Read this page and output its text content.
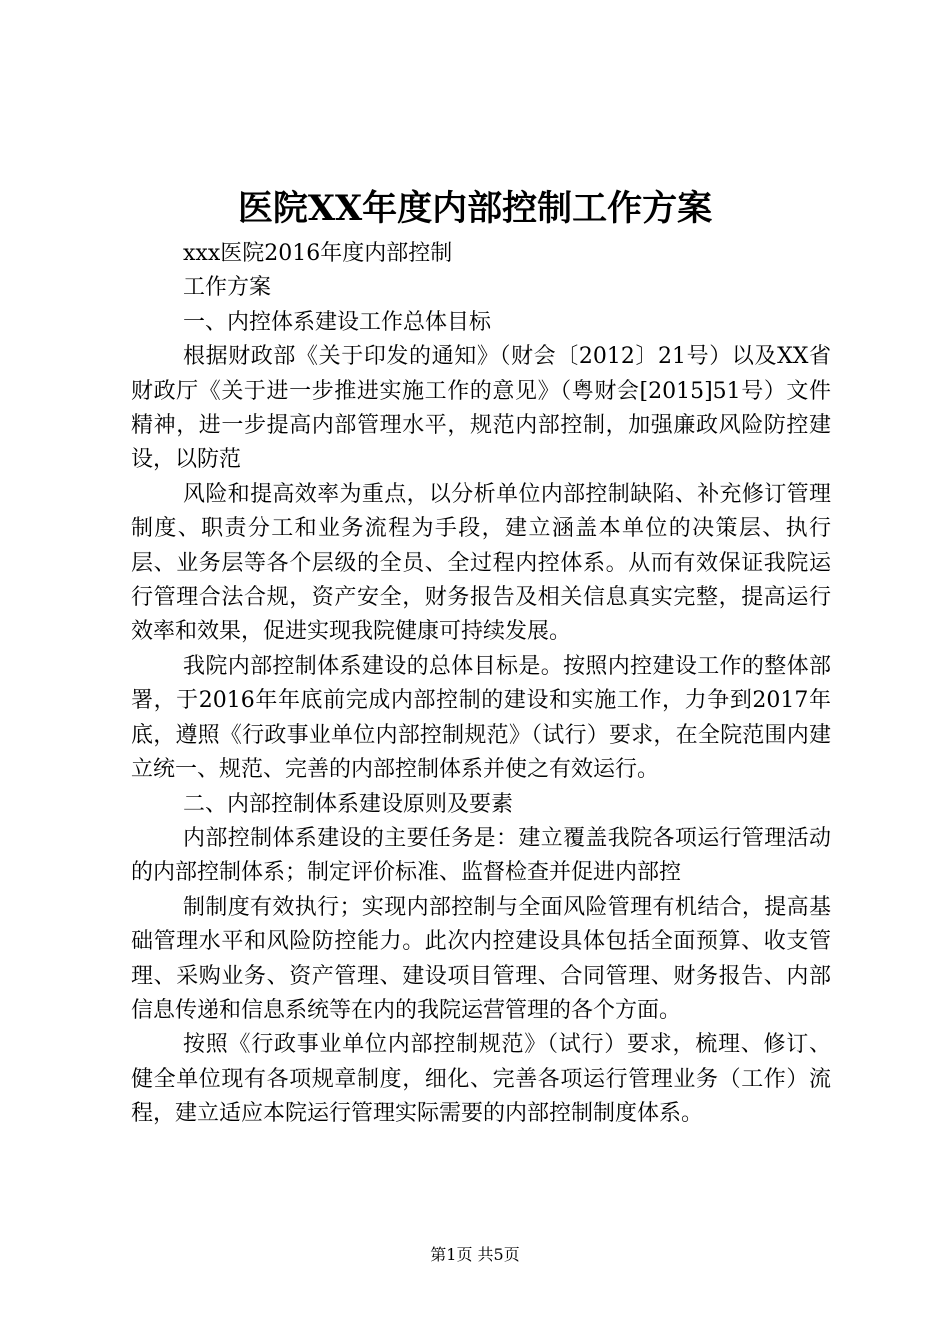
医院XX年度内部控制工作方案

xxx医院2016年度内部控制

工作方案

一、内控体系建设工作总体目标

根据财政部《关于印发的通知》（财会〔2012〕21号）以及XX省财政厅《关于进一步推进实施工作的意见》（粤财会[2015]51号）文件精神，进一步提高内部管理水平，规范内部控制，加强廉政风险防控建设，以防范

风险和提高效率为重点，以分析单位内部控制缺陷、补充修订管理制度、职责分工和业务流程为手段，建立涵盖本单位的决策层、执行层、业务层等各个层级的全员、全过程内控体系。从而有效保证我院运行管理合法合规，资产安全，财务报告及相关信息真实完整，提高运行效率和效果，促进实现我院健康可持续发展。

我院内部控制体系建设的总体目标是。按照内控建设工作的整体部署，于2016年年底前完成内部控制的建设和实施工作，力争到2017年底，遵照《行政事业单位内部控制规范》（试行）要求，在全院范围内建立统一、规范、完善的内部控制体系并使之有效运行。

二、内部控制体系建设原则及要素

内部控制体系建设的主要任务是：建立覆盖我院各项运行管理活动的内部控制体系；制定评价标准、监督检查并促进内部控

制制度有效执行；实现内部控制与全面风险管理有机结合，提高基础管理水平和风险防控能力。此次内控建设具体包括全面预算、收支管理、采购业务、资产管理、建设项目管理、合同管理、财务报告、内部信息传递和信息系统等在内的我院运营管理的各个方面。

按照《行政事业单位内部控制规范》（试行）要求，梳理、修订、健全单位现有各项规章制度，细化、完善各项运行管理业务（工作）流程，建立适应本院运行管理实际需要的内部控制制度体系。

第1页 共5页
